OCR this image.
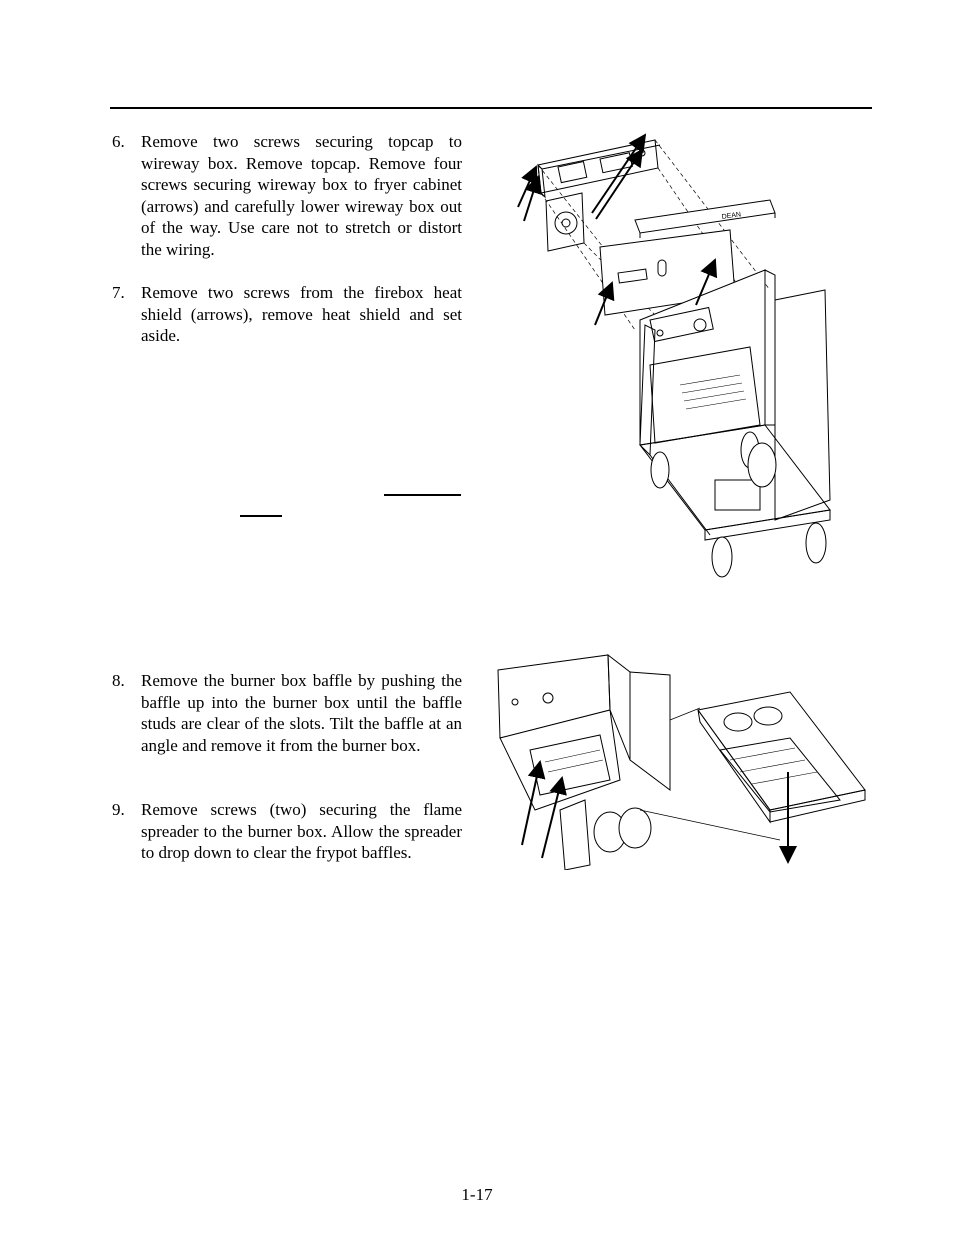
6. Remove two screws securing topcap to wireway box. Remove topcap. Remove four screws securing wireway box to fryer cabinet (arrows) and carefully lower wireway box out of the way. Use care not to stretch or distort the wiring.
7. Remove two screws from the firebox heat shield (arrows), remove heat shield and set aside.
8. Remove the burner box baffle by pushing the baffle up into the burner box until the baffle studs are clear of the slots. Tilt the baffle at an angle and remove it from the burner box.
9. Remove screws (two) securing the flame spreader to the burner box. Allow the spreader to drop down to clear the frypot baffles.
DEAN
1-17
